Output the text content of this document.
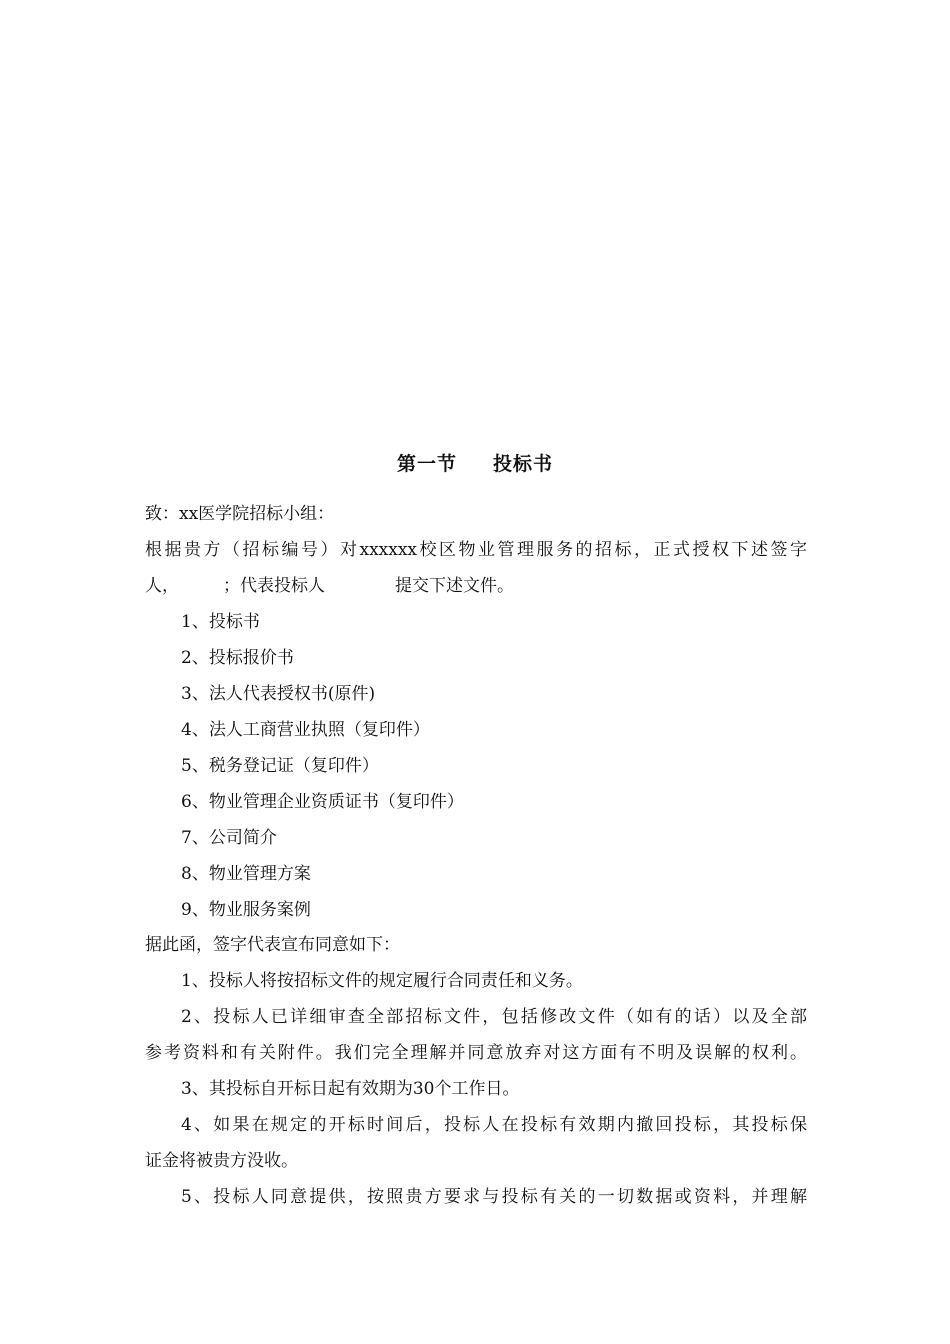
第一节 投标书
致：xx医学院招标小组：
根据贵方（招标编号）对xxxxxx校区物业管理服务的招标，正式授权下述签字
人，	；代表投标人	提交下述文件。
1、投标书
2、投标报价书
3、法人代表授权书(原件)
4、法人工商营业执照（复印件）
5、税务登记证（复印件）
6、物业管理企业资质证书（复印件）
7、公司简介
8、物业管理方案
9、物业服务案例
据此函，签字代表宣布同意如下：
1、投标人将按招标文件的规定履行合同责任和义务。
2、投标人已详细审查全部招标文件，包括修改文件（如有的话）以及全部
参考资料和有关附件。我们完全理解并同意放弃对这方面有不明及误解的权利。
3、其投标自开标日起有效期为30个工作日。
4、如果在规定的开标时间后，投标人在投标有效期内撤回投标，其投标保
证金将被贵方没收。
5、投标人同意提供，按照贵方要求与投标有关的一切数据或资料，并理解
